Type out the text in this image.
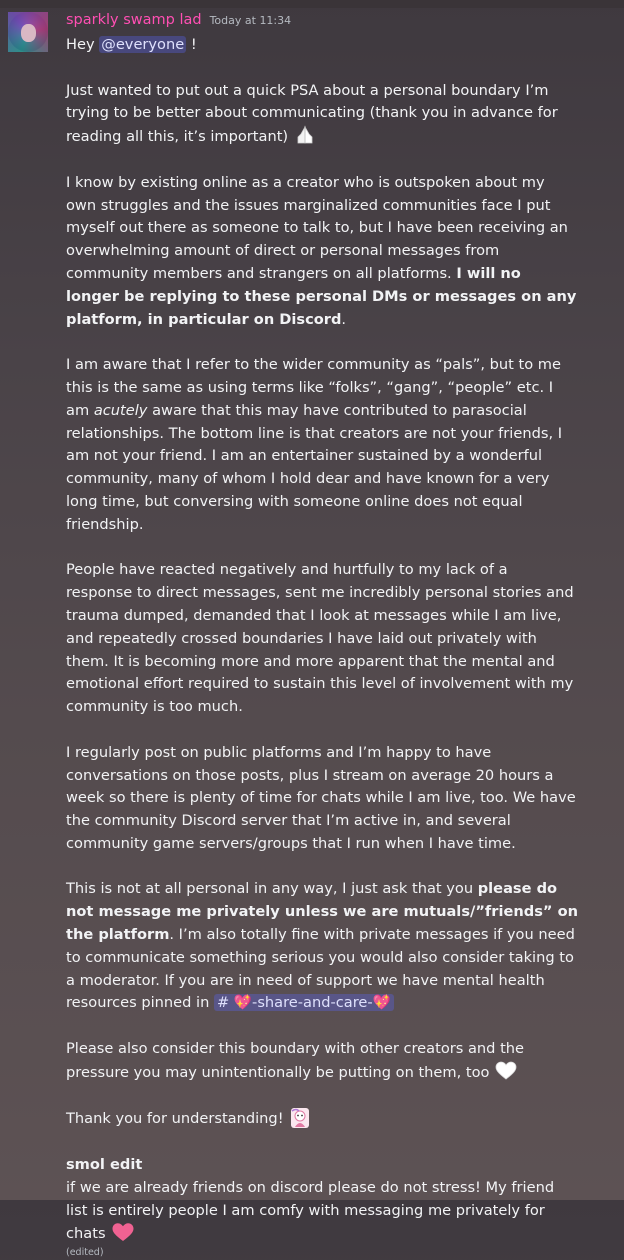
sparkly swamp lad Today at 11:34

Hey @everyone !

Just wanted to put out a quick PSA about a personal boundary I’m trying to be better about communicating (thank you in advance for reading all this, it’s important)

I know by existing online as a creator who is outspoken about my own struggles and the issues marginalized communities face I put myself out there as someone to talk to, but I have been receiving an overwhelming amount of direct or personal messages from community members and strangers on all platforms. I will no longer be replying to these personal DMs or messages on any platform, in particular on Discord.

I am aware that I refer to the wider community as “pals”, but to me this is the same as using terms like “folks”, “gang”, “people” etc. I am acutely aware that this may have contributed to parasocial relationships. The bottom line is that creators are not your friends, I am not your friend. I am an entertainer sustained by a wonderful community, many of whom I hold dear and have known for a very long time, but conversing with someone online does not equal friendship.

People have reacted negatively and hurtfully to my lack of a response to direct messages, sent me incredibly personal stories and trauma dumped, demanded that I look at messages while I am live, and repeatedly crossed boundaries I have laid out privately with them. It is becoming more and more apparent that the mental and emotional effort required to sustain this level of involvement with my community is too much.

I regularly post on public platforms and I’m happy to have conversations on those posts, plus I stream on average 20 hours a week so there is plenty of time for chats while I am live, too. We have the community Discord server that I’m active in, and several community game servers/groups that I run when I have time.

This is not at all personal in any way, I just ask that you please do not message me privately unless we are mutuals/”friends” on the platform. I’m also totally fine with private messages if you need to communicate something serious you would also consider taking to a moderator. If you are in need of support we have mental health resources pinned in # 💖-share-and-care-💖

Please also consider this boundary with other creators and the pressure you may unintentionally be putting on them, too

Thank you for understanding!

smol edit

if we are already friends on discord please do not stress! My friend list is entirely people I am comfy with messaging me privately for chats

(edited)
